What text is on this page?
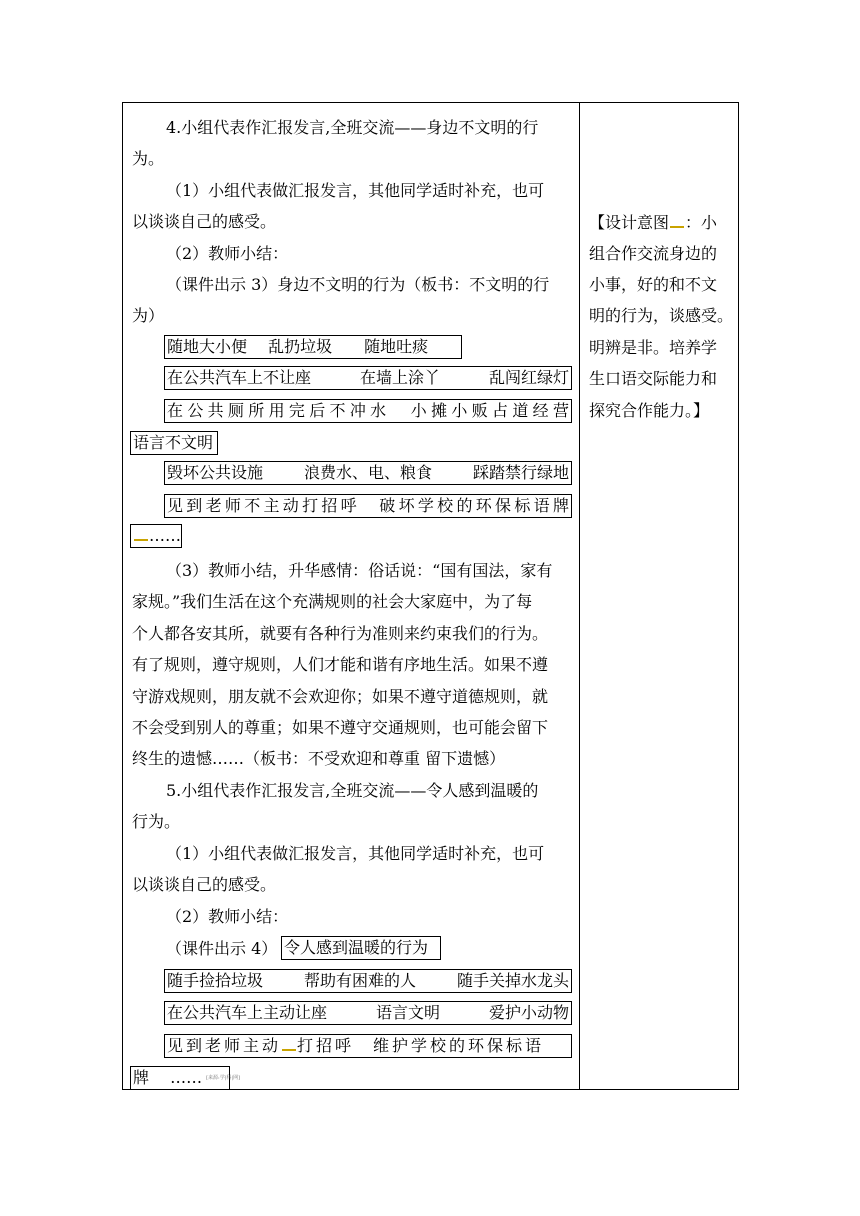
4.小组代表作汇报发言,全班交流——身边不文明的行
为。
（1）小组代表做汇报发言，其他同学适时补充，也可
以谈谈自己的感受。
（2）教师小结：
（课件出示 3）身边不文明的行为（板书：不文明的行
为）
随地大小便　 乱扔垃圾　　随地吐痰
在公共汽车上不让座	在墙上涂丫	乱闯红绿灯
在 公 共 厕 所 用 完 后 不 冲 水
　 小 摊 小 贩 占 道 经 营
语言不文明
毁坏公共设施	浪费水、电、粮食	踩踏禁行绿地
见 到 老 师 不 主 动 打 招 呼
　 破 坏 学 校 的 环 保 标 语 牌
……
（3）教师小结，升华感情：俗话说：“国有国法，家有
家规。”我们生活在这个充满规则的社会大家庭中，为了每
个人都各安其所，就要有各种行为准则来约束我们的行为。
有了规则，遵守规则，人们才能和谐有序地生活。如果不遵
守游戏规则，朋友就不会欢迎你；如果不遵守道德规则，就
不会受到别人的尊重；如果不遵守交通规则，也可能会留下
终生的遗憾……（板书：不受欢迎和尊重 留下遗憾）
5.小组代表作汇报发言,全班交流——令人感到温暖的
行为。
（1）小组代表做汇报发言，其他同学适时补充，也可
以谈谈自己的感受。
（2）教师小结：
（课件出示 4） 令人感到温暖的行为
随手捡拾垃圾	帮助有困难的人	随手关掉水龙头
在公共汽车上主动让座	语言文明	爱护小动物
见到老师主动 打招呼　维护学校的环保标语
牌　 …… [来源:学|科|网]
【设计意图 ：小
组合作交流身边的
小事，好的和不文
明的行为，谈感受。
明辨是非。培养学
生口语交际能力和
探究合作能力。】
